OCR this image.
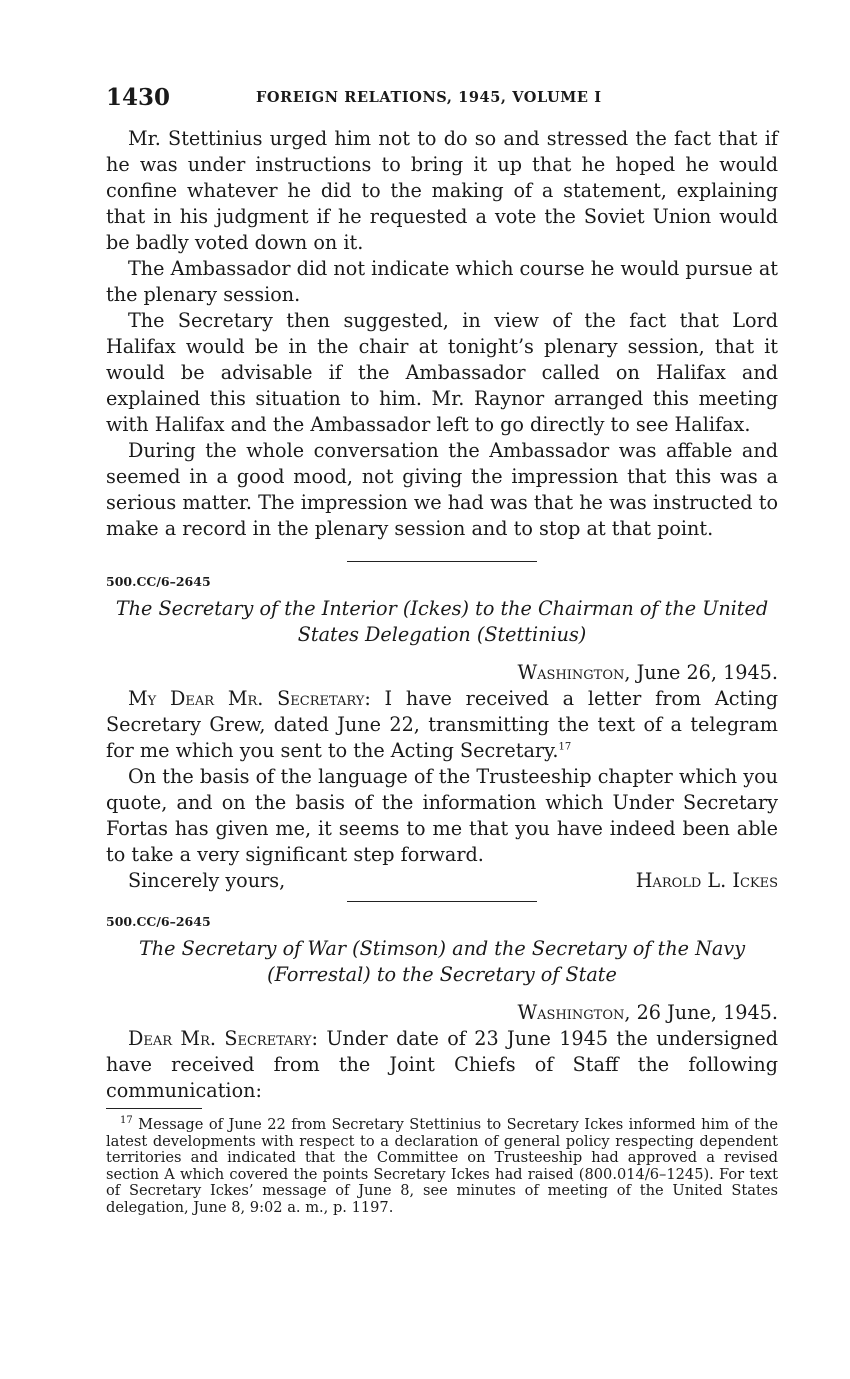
1430	FOREIGN RELATIONS, 1945, VOLUME I

Mr. Stettinius urged him not to do so and stressed the fact that if he was under instructions to bring it up that he hoped he would confine whatever he did to the making of a statement, explaining that in his judgment if he requested a vote the Soviet Union would be badly voted down on it.

The Ambassador did not indicate which course he would pursue at the plenary session.

The Secretary then suggested, in view of the fact that Lord Halifax would be in the chair at tonight’s plenary session, that it would be advisable if the Ambassador called on Halifax and explained this situation to him. Mr. Raynor arranged this meeting with Halifax and the Ambassador left to go directly to see Halifax.

During the whole conversation the Ambassador was affable and seemed in a good mood, not giving the impression that this was a serious matter. The impression we had was that he was instructed to make a record in the plenary session and to stop at that point.

500.CC/6–2645

The Secretary of the Interior (Ickes) to the Chairman of the United
States Delegation (Stettinius)

Washington, June 26, 1945.

My Dear Mr. Secretary: I have received a letter from Acting Secretary Grew, dated June 22, transmitting the text of a telegram for me which you sent to the Acting Secretary.$^{17}$

On the basis of the language of the Trusteeship chapter which you quote, and on the basis of the information which Under Secretary Fortas has given me, it seems to me that you have indeed been able to take a very significant step forward.

Sincerely yours,	Harold L. Ickes

500.CC/6–2645

The Secretary of War (Stimson) and the Secretary of the Navy
(Forrestal) to the Secretary of State

Washington, 26 June, 1945.

Dear Mr. Secretary: Under date of 23 June 1945 the undersigned have received from the Joint Chiefs of Staff the following communication:

$^{17}$ Message of June 22 from Secretary Stettinius to Secretary Ickes informed him of the latest developments with respect to a declaration of general policy respecting dependent territories and indicated that the Committee on Trusteeship had approved a revised section A which covered the points Secretary Ickes had raised (800.014/6–1245). For text of Secretary Ickes’ message of June 8, see minutes of meeting of the United States delegation, June 8, 9:02 a. m., p. 1197.
